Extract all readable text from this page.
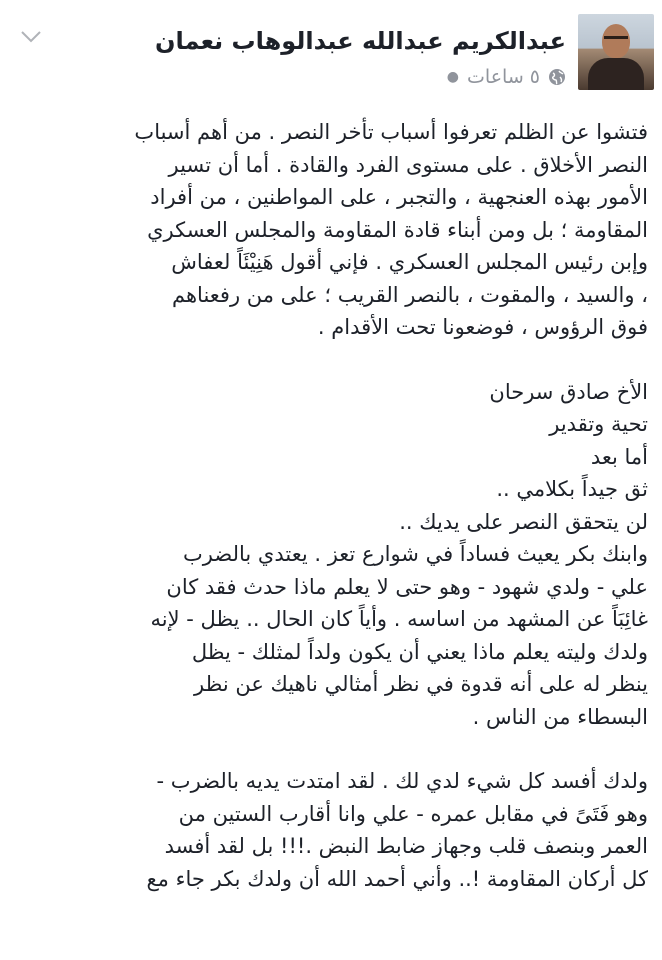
عبدالكريم عبدالله عبدالوهاب نعمان
٥ ساعات
●
فتشوا عن الظلم تعرفوا أسباب تأخر النصر . من أهم أسباب
النصر الأخلاق . على مستوى الفرد والقادة . أما أن تسير
الأمور بهذه العنجهية ، والتجبر ، على المواطنين ، من أفراد
المقاومة ؛ بل ومن أبناء قادة المقاومة والمجلس العسكري
وإبن رئيس المجلس العسكري . فإني أقول هَنِيْئَاً لعفاش
، والسيد ، والمقوت ، بالنصر القريب ؛ على من رفعناهم
فوق الرؤوس ، فوضعونا تحت الأقدام .
الأخ صادق سرحان
تحية وتقدير
أما بعد
ثق جيداً بكلامي ..
لن يتحقق النصر على يديك ..
وابنك بكر يعيث فساداً في شوارع تعز . يعتدي بالضرب
علي - ولدي شهود - وهو حتى لا يعلم ماذا حدث فقد كان
غائِبَاً عن المشهد من اساسه . وأياً كان الحال .. يظل - لإنه
ولدك وليته يعلم ماذا يعني أن يكون ولداً لمثلك - يظل
ينظر له على أنه قدوة في نظر أمثالي ناهيك عن نظر
البسطاء من الناس .
ولدك أفسد كل شيء لدي لك . لقد امتدت يديه بالضرب -
وهو فَتَىً في مقابل عمره - علي وانا أقارب الستين من
العمر وبنصف قلب وجهاز ضابط النبض .!!! بل لقد أفسد
كل أركان المقاومة !.. وأني أحمد الله أن ولدك بكر جاء مع
